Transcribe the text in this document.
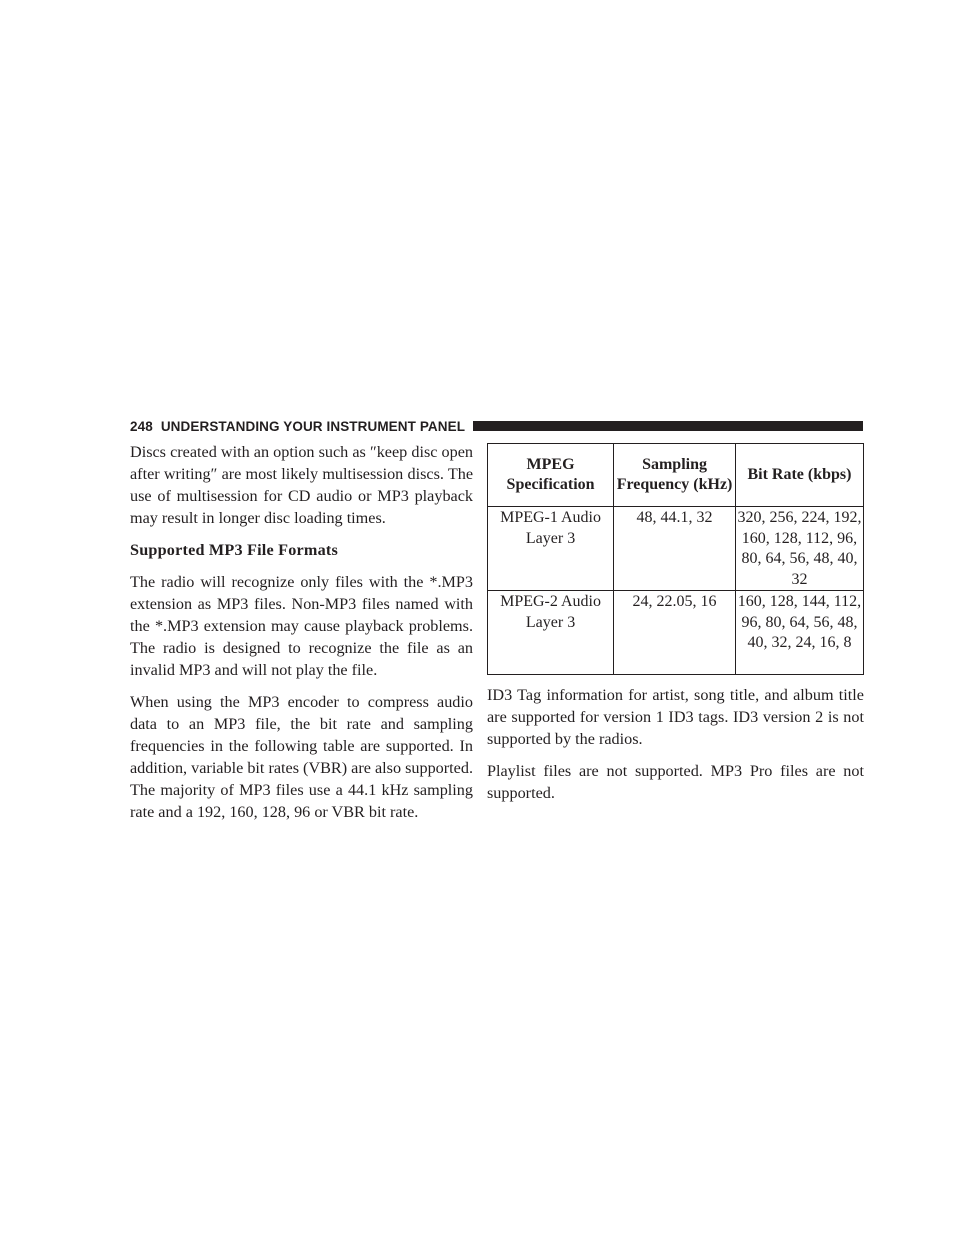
248 UNDERSTANDING YOUR INSTRUMENT PANEL

Discs created with an option such as ″keep disc open after writing″ are most likely multisession discs. The use of multisession for CD audio or MP3 playback may result in longer disc loading times.

Supported MP3 File Formats

The radio will recognize only files with the *.MP3 extension as MP3 files. Non-MP3 files named with the *.MP3 extension may cause playback problems. The radio is designed to recognize the file as an invalid MP3 and will not play the file.

When using the MP3 encoder to compress audio data to an MP3 file, the bit rate and sampling frequencies in the following table are supported. In addition, variable bit rates (VBR) are also supported. The majority of MP3 files use a 44.1 kHz sampling rate and a 192, 160, 128, 96 or VBR bit rate.

MPEG Specification	Sampling Frequency (kHz)	Bit Rate (kbps)
MPEG-1 Audio Layer 3	48, 44.1, 32	320, 256, 224, 192, 160, 128, 112, 96, 80, 64, 56, 48, 40, 32
MPEG-2 Audio Layer 3	24, 22.05, 16	160, 128, 144, 112, 96, 80, 64, 56, 48, 40, 32, 24, 16, 8

ID3 Tag information for artist, song title, and album title are supported for version 1 ID3 tags. ID3 version 2 is not supported by the radios.

Playlist files are not supported. MP3 Pro files are not supported.
